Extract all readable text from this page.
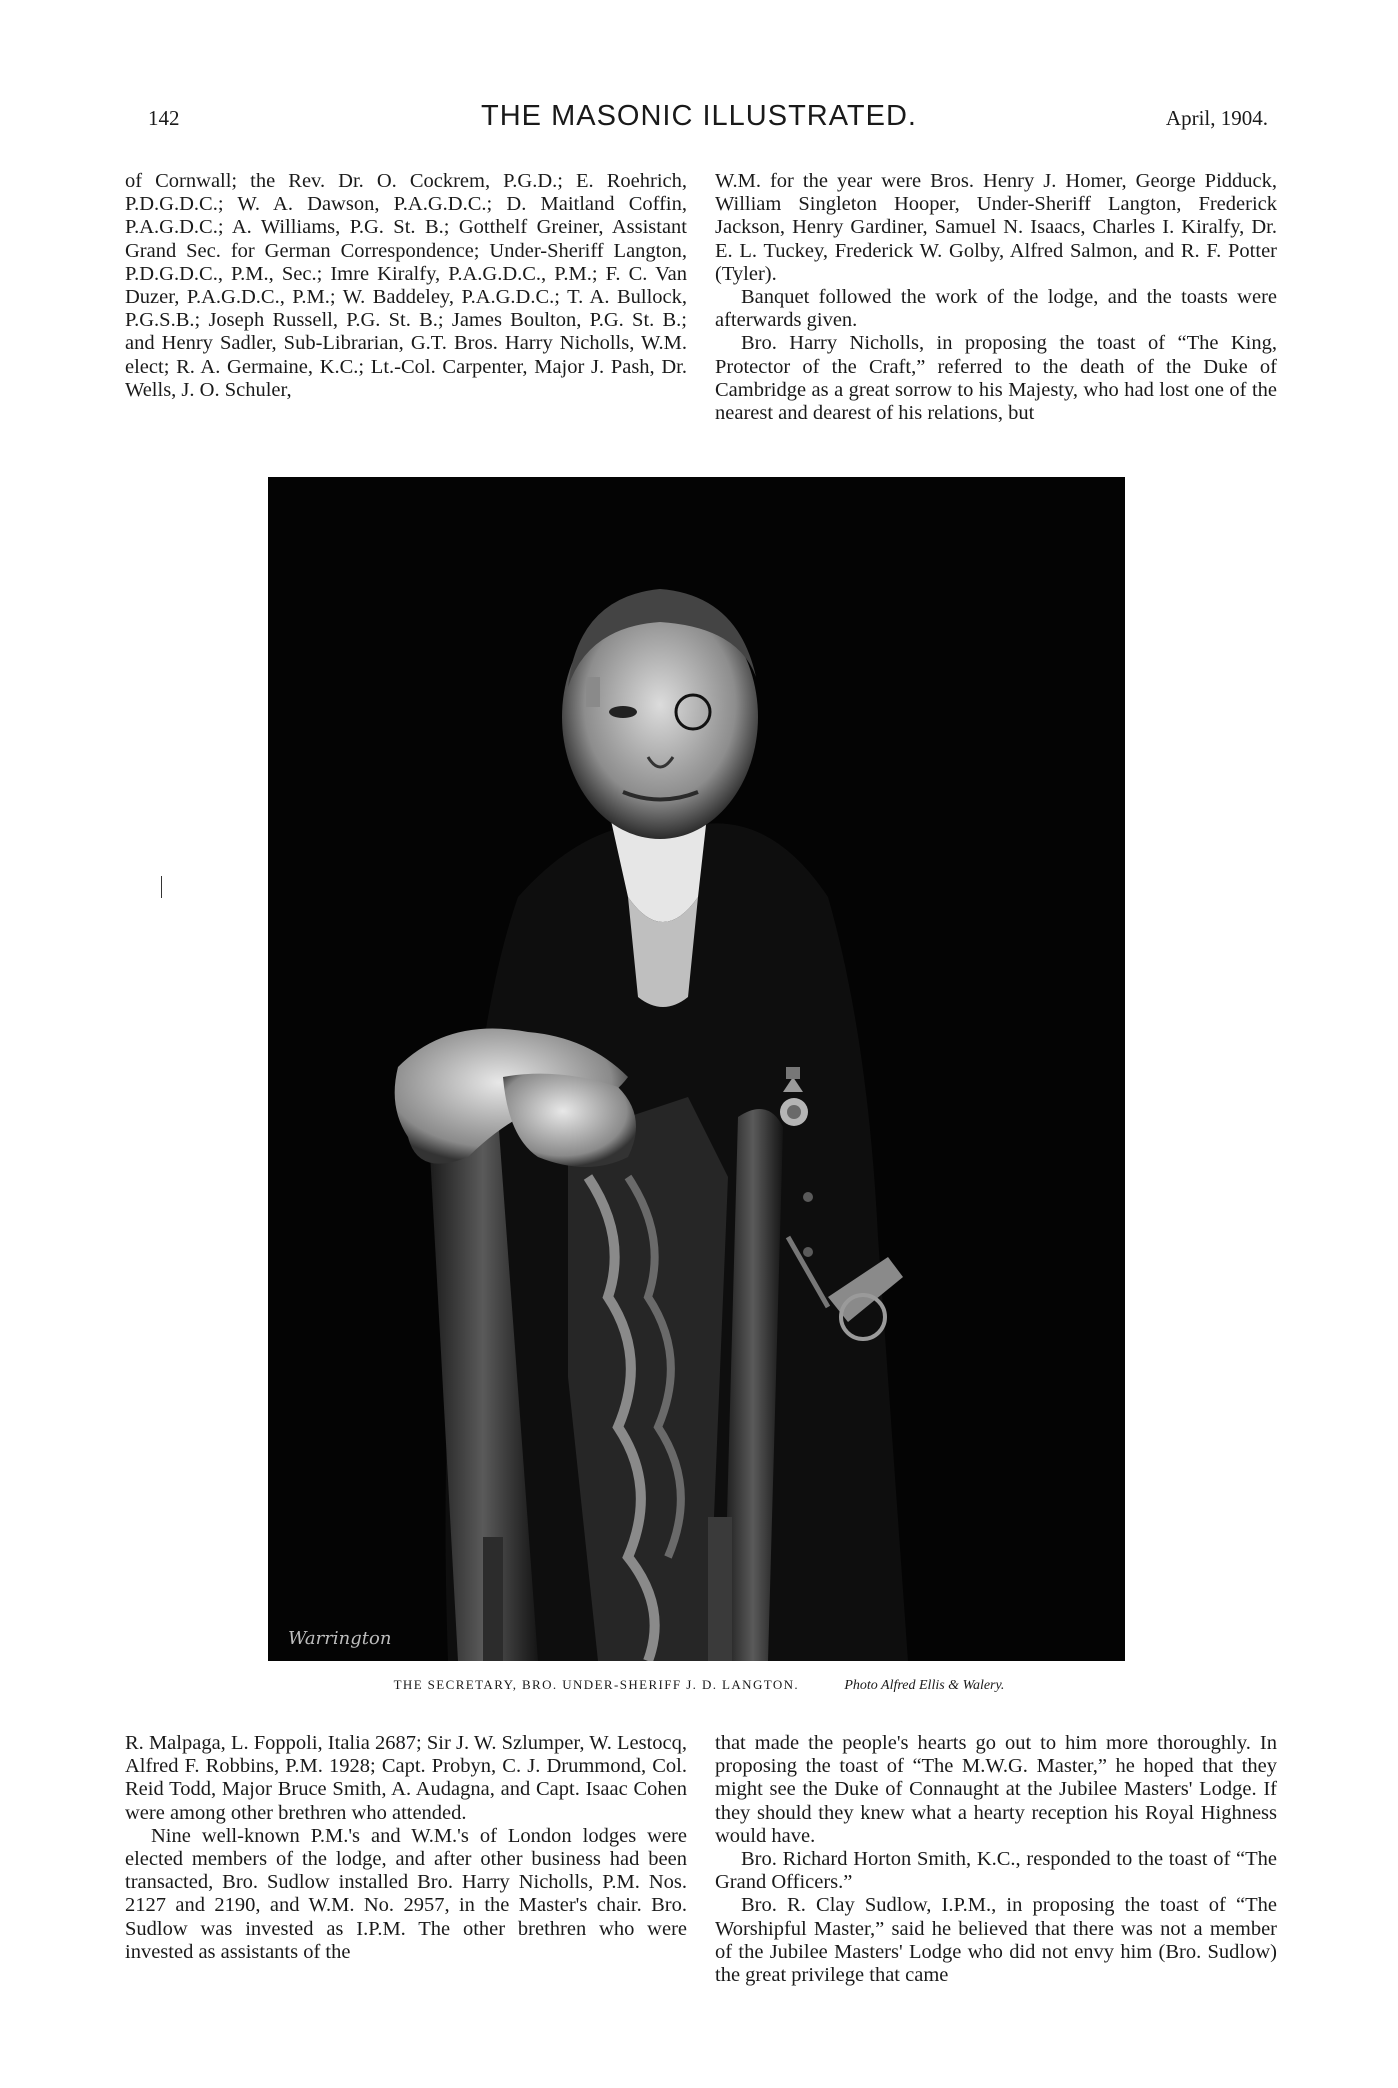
142	THE MASONIC ILLUSTRATED.	April, 1904.

of Cornwall; the Rev. Dr. O. Cockrem, P.G.D.; E. Roehrich, P.D.G.D.C.; W. A. Dawson, P.A.G.D.C.; D. Maitland Coffin, P.A.G.D.C.; A. Williams, P.G. St. B.; Gotthelf Greiner, Assistant Grand Sec. for German Correspondence; Under-Sheriff Langton, P.D.G.D.C., P.M., Sec.; Imre Kiralfy, P.A.G.D.C., P.M.; F. C. Van Duzer, P.A.G.D.C., P.M.; W. Baddeley, P.A.G.D.C.; T. A. Bullock, P.G.S.B.; Joseph Russell, P.G. St. B.; James Boulton, P.G. St. B.; and Henry Sadler, Sub-Librarian, G.T. Bros. Harry Nicholls, W.M. elect; R. A. Germaine, K.C.; Lt.-Col. Carpenter, Major J. Pash, Dr. Wells, J. O. Schuler,

W.M. for the year were Bros. Henry J. Homer, George Pidduck, William Singleton Hooper, Under-Sheriff Langton, Frederick Jackson, Henry Gardiner, Samuel N. Isaacs, Charles I. Kiralfy, Dr. E. L. Tuckey, Frederick W. Golby, Alfred Salmon, and R. F. Potter (Tyler).

Banquet followed the work of the lodge, and the toasts were afterwards given.

Bro. Harry Nicholls, in proposing the toast of “The King, Protector of the Craft,” referred to the death of the Duke of Cambridge as a great sorrow to his Majesty, who had lost one of the nearest and dearest of his relations, but

Warrington
THE SECRETARY, BRO. UNDER-SHERIFF J. D. LANGTON.	Photo Alfred Ellis & Walery.

R. Malpaga, L. Foppoli, Italia 2687; Sir J. W. Szlumper, W. Lestocq, Alfred F. Robbins, P.M. 1928; Capt. Probyn, C. J. Drummond, Col. Reid Todd, Major Bruce Smith, A. Audagna, and Capt. Isaac Cohen were among other brethren who attended.

Nine well-known P.M.'s and W.M.'s of London lodges were elected members of the lodge, and after other business had been transacted, Bro. Sudlow installed Bro. Harry Nicholls, P.M. Nos. 2127 and 2190, and W.M. No. 2957, in the Master's chair. Bro. Sudlow was invested as I.P.M. The other brethren who were invested as assistants of the

that made the people's hearts go out to him more thoroughly. In proposing the toast of “The M.W.G. Master,” he hoped that they might see the Duke of Connaught at the Jubilee Masters' Lodge. If they should they knew what a hearty reception his Royal Highness would have.

Bro. Richard Horton Smith, K.C., responded to the toast of “The Grand Officers.”

Bro. R. Clay Sudlow, I.P.M., in proposing the toast of “The Worshipful Master,” said he believed that there was not a member of the Jubilee Masters' Lodge who did not envy him (Bro. Sudlow) the great privilege that came
